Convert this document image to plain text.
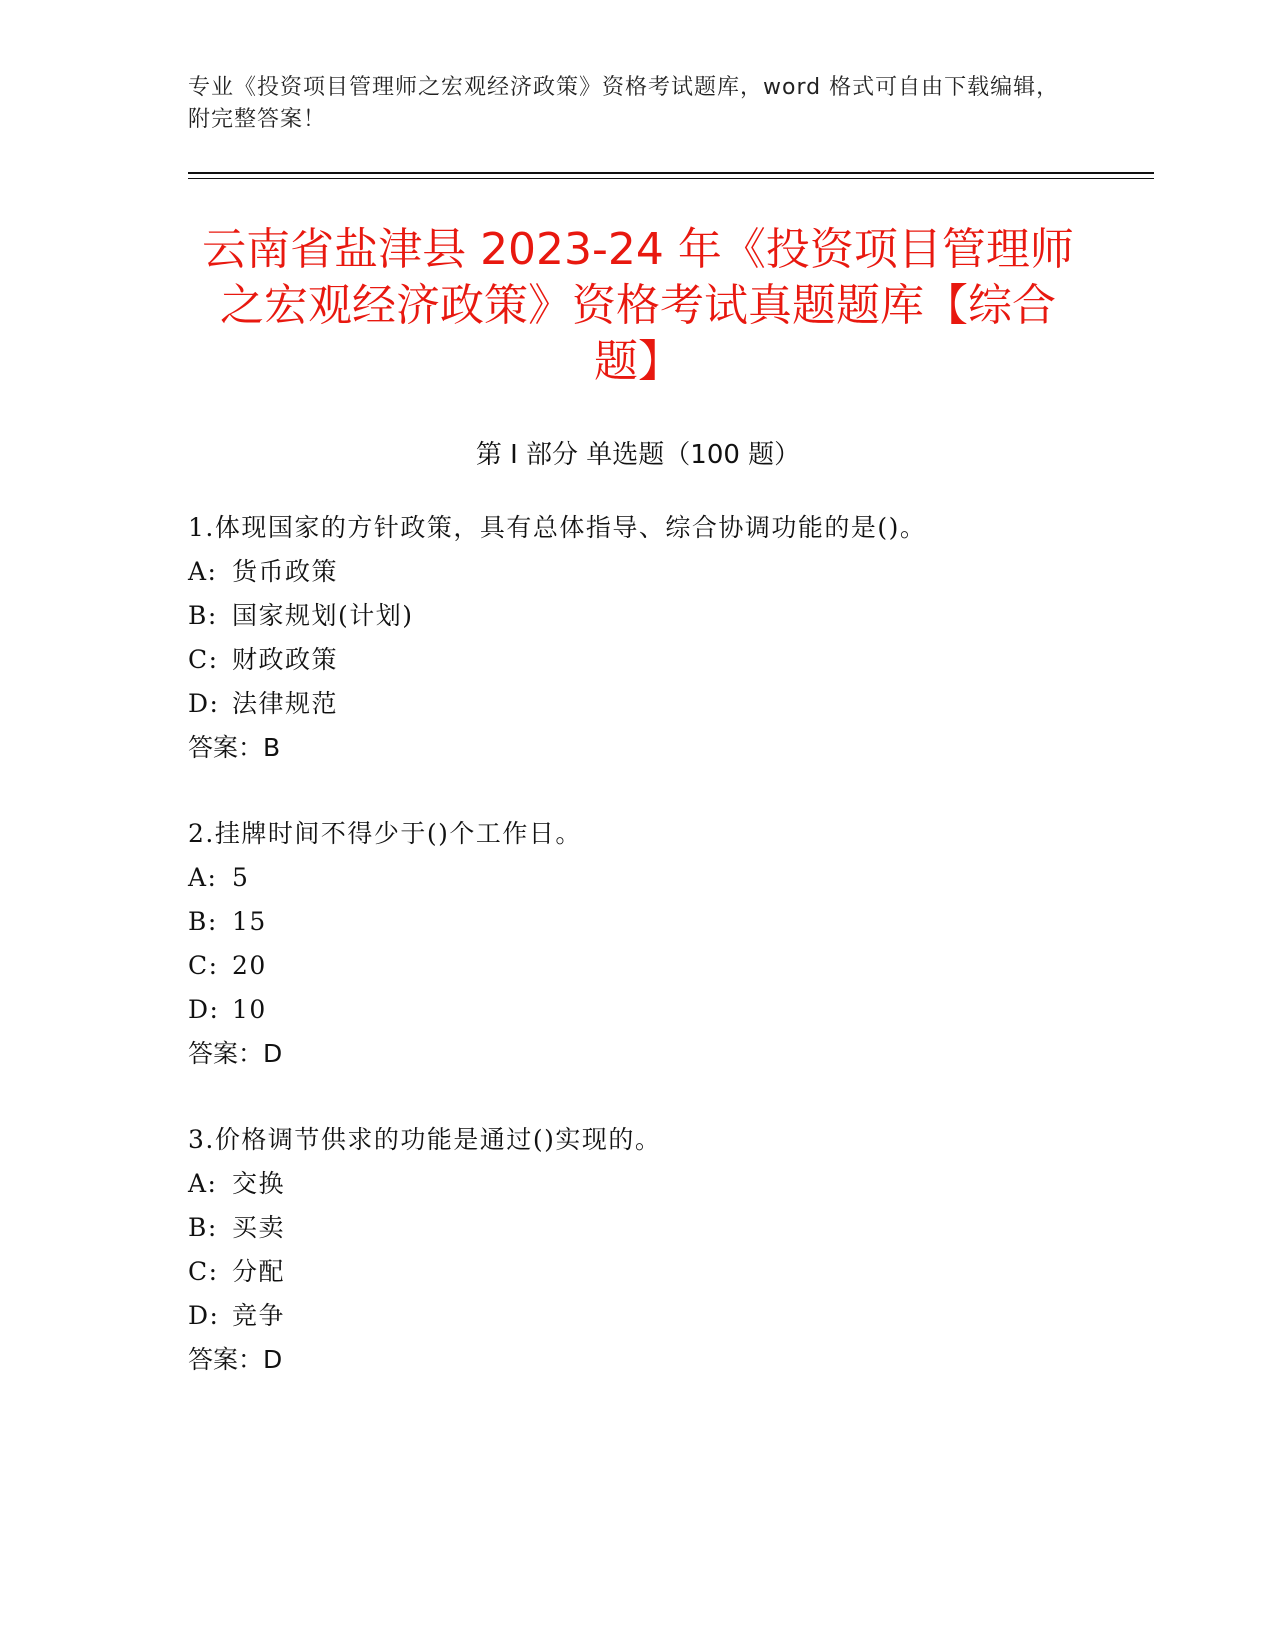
专业《投资项目管理师之宏观经济政策》资格考试题库，word 格式可自由下载编辑，附完整答案！
云南省盐津县 2023-24 年《投资项目管理师之宏观经济政策》资格考试真题题库【综合题】
第 I 部分 单选题（100 题）
1.体现国家的方针政策，具有总体指导、综合协调功能的是()。
A: 货币政策
B: 国家规划(计划)
C: 财政政策
D: 法律规范
答案：B
2.挂牌时间不得少于()个工作日。
A: 5
B: 15
C: 20
D: 10
答案：D
3.价格调节供求的功能是通过()实现的。
A: 交换
B: 买卖
C: 分配
D: 竞争
答案：D
